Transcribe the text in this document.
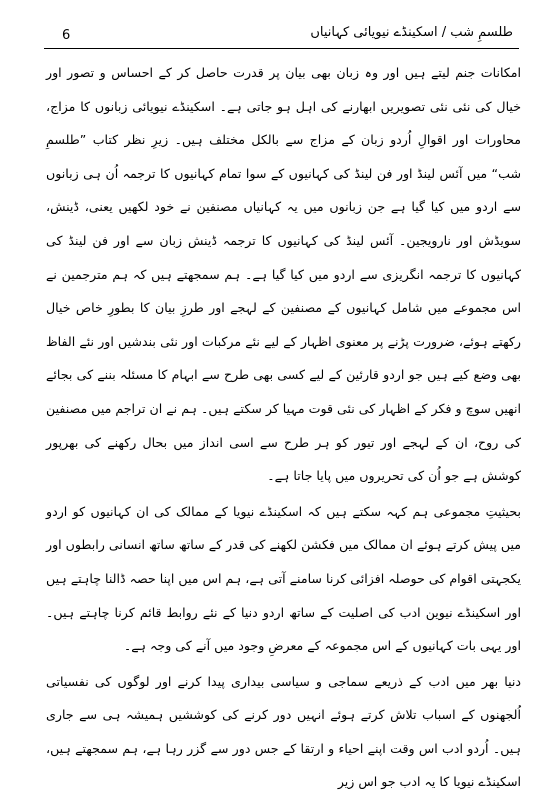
6	طلسمِ شب / اسکینڈے نیویائی کہانیاں

امکانات جنم لیتے ہیں اور وہ زبان بھی بیان پر قدرت حاصل کر کے احساس و تصور اور خیال کی نئی نئی تصویریں ابھارنے کی اہل ہو جاتی ہے۔ اسکینڈے نیویائی زبانوں کا مزاج، محاورات اور اقوالِ اُردو زبان کے مزاج سے بالکل مختلف ہیں۔ زیرِ نظر کتاب ”طلسمِ شب“ میں آئس لینڈ اور فن لینڈ کی کہانیوں کے سوا تمام کہانیوں کا ترجمہ اُن ہی زبانوں سے اردو میں کیا گیا ہے جن زبانوں میں یہ کہانیاں مصنفین نے خود لکھیں یعنی، ڈینش، سویڈش اور نارویجین۔ آئس لینڈ کی کہانیوں کا ترجمہ ڈینش زبان سے اور فن لینڈ کی کہانیوں کا ترجمہ انگریزی سے اردو میں کیا گیا ہے۔ ہم سمجھتے ہیں کہ ہم مترجمین نے اس مجموعے میں شامل کہانیوں کے مصنفین کے لہجے اور طرزِ بیان کا بطورِ خاص خیال رکھتے ہوئے، ضرورت پڑنے پر معنوی اظہار کے لیے نئے مرکبات اور نئی بندشیں اور نئے الفاظ بھی وضع کیے ہیں جو اردو قارئین کے لیے کسی بھی طرح سے ابہام کا مسئلہ بننے کی بجائے انھیں سوچ و فکر کے اظہار کی نئی قوت مہیا کر سکتے ہیں۔ ہم نے ان تراجم میں مصنفین کی روح، ان کے لہجے اور تیور کو ہر طرح سے اسی انداز میں بحال رکھنے کی بھرپور کوشش ہے جو اُن کی تحریروں میں پایا جاتا ہے۔

بحیثیتِ مجموعی ہم کہہ سکتے ہیں کہ اسکینڈے نیویا کے ممالک کی ان کہانیوں کو اردو میں پیش کرتے ہوئے ان ممالک میں فکشن لکھنے کی قدر کے ساتھ ساتھ انسانی رابطوں اور یکجہتی اقوام کی حوصلہ افزائی کرنا سامنے آتی ہے، ہم اس میں اپنا حصہ ڈالنا چاہتے ہیں اور اسکینڈے نیوین ادب کی اصلیت کے ساتھ اردو دنیا کے نئے روابط قائم کرنا چاہتے ہیں۔ اور یہی بات کہانیوں کے اس مجموعہ کے معرضِ وجود میں آنے کی وجہ ہے۔

دنیا بھر میں ادب کے ذریعے سماجی و سیاسی بیداری پیدا کرنے اور لوگوں کی نفسیاتی اُلجھنوں کے اسباب تلاش کرتے ہوئے انہیں دور کرنے کی کوششیں ہمیشہ ہی سے جاری ہیں۔ اُردو ادب اس وقت اپنے احیاء و ارتقا کے جس دور سے گزر رہا ہے، ہم سمجھتے ہیں، اسکینڈے نیویا کا یہ ادب جو اس زیر
